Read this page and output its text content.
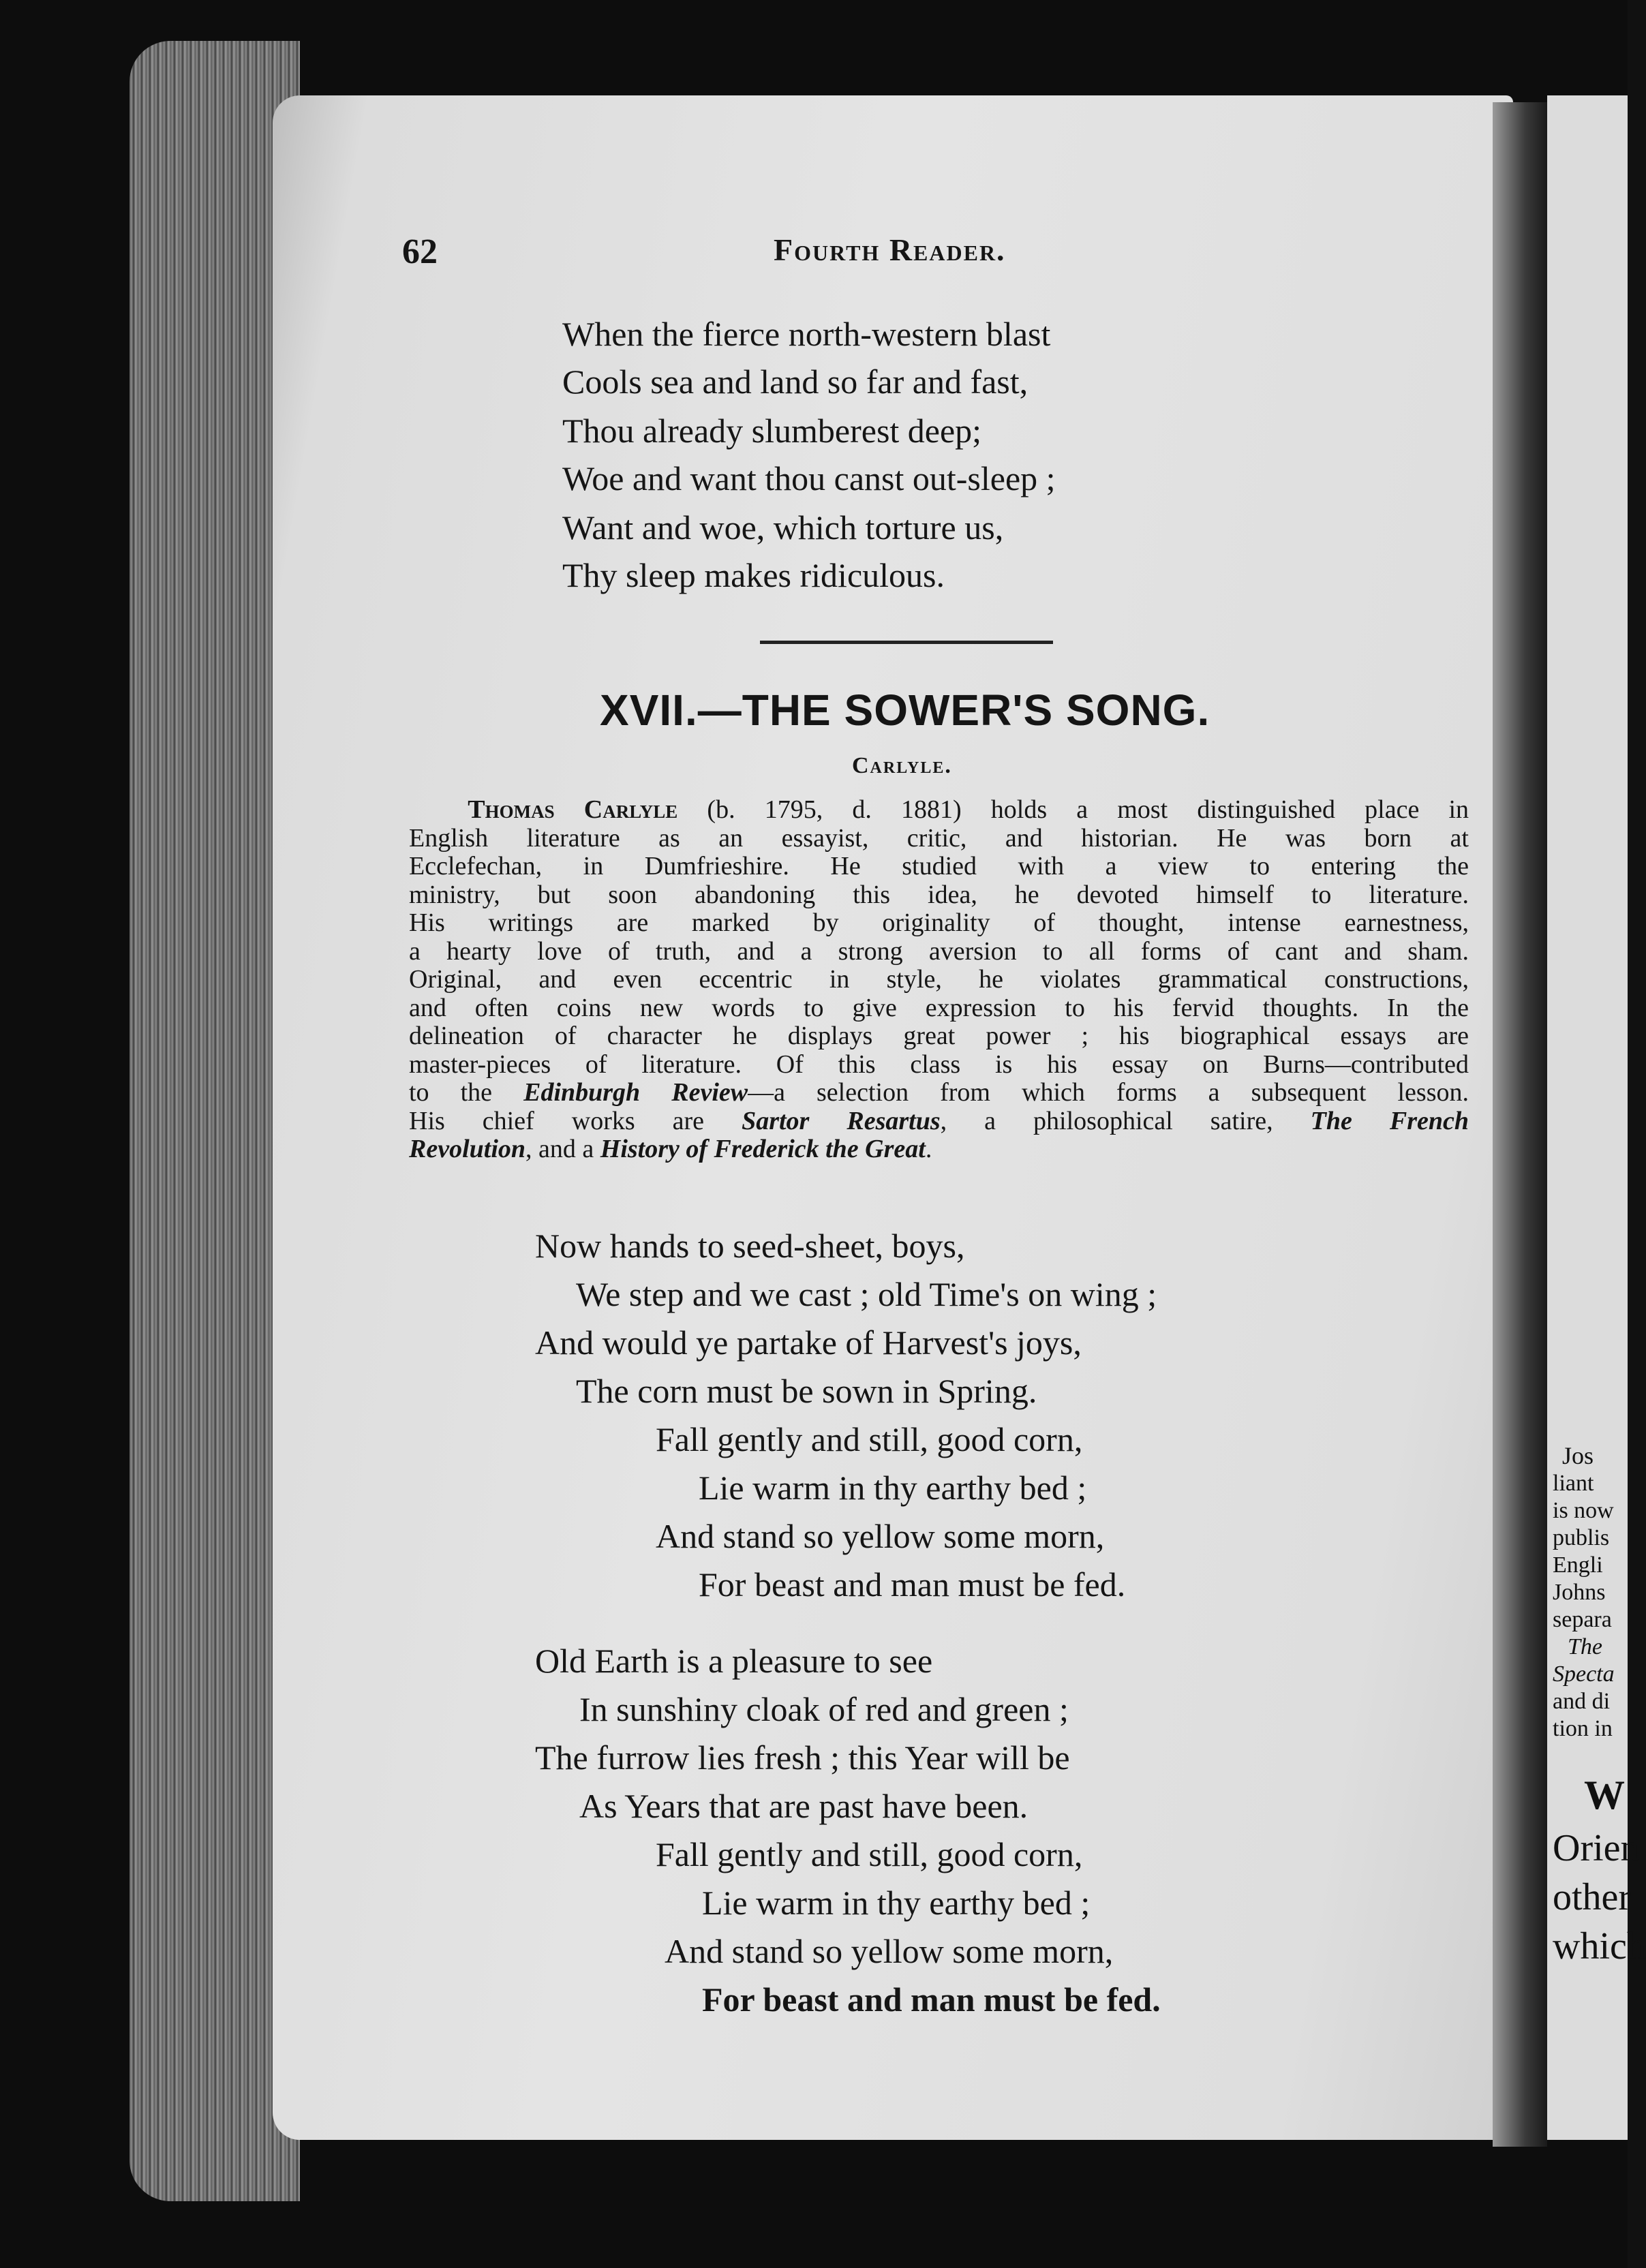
Jos
liant
is now
publis
Engli
Johns
separa
The
Specta
and di
tion in
W
Orien
other
which
62	Fourth Reader.
When the fierce north-western blast
Cools sea and land so far and fast,
Thou already slumberest deep;
Woe and want thou canst out-sleep ;
Want and woe, which torture us,
Thy sleep makes ridiculous.
XVII.—THE SOWER'S SONG.
Carlyle.
Thomas Carlyle (b. 1795, d. 1881) holds a most distinguished place in
English literature as an essayist, critic, and historian. He was born at
Ecclefechan, in Dumfrieshire. He studied with a view to entering the
ministry, but soon abandoning this idea, he devoted himself to literature.
His writings are marked by originality of thought, intense earnestness,
a hearty love of truth, and a strong aversion to all forms of cant and sham.
Original, and even eccentric in style, he violates grammatical constructions,
and often coins new words to give expression to his fervid thoughts. In the
delineation of character he displays great power ; his biographical essays are
master-pieces of literature. Of this class is his essay on Burns—contributed
to the Edinburgh Review—a selection from which forms a subsequent lesson.
His chief works are Sartor Resartus, a philosophical satire, The French
Revolution, and a History of Frederick the Great.
Now hands to seed-sheet, boys,
We step and we cast ; old Time's on wing ;
And would ye partake of Harvest's joys,
The corn must be sown in Spring.
Fall gently and still, good corn,
Lie warm in thy earthy bed ;
And stand so yellow some morn,
For beast and man must be fed.
Old Earth is a pleasure to see
In sunshiny cloak of red and green ;
The furrow lies fresh ; this Year will be
As Years that are past have been.
Fall gently and still, good corn,
Lie warm in thy earthy bed ;
And stand so yellow some morn,
For beast and man must be fed.
